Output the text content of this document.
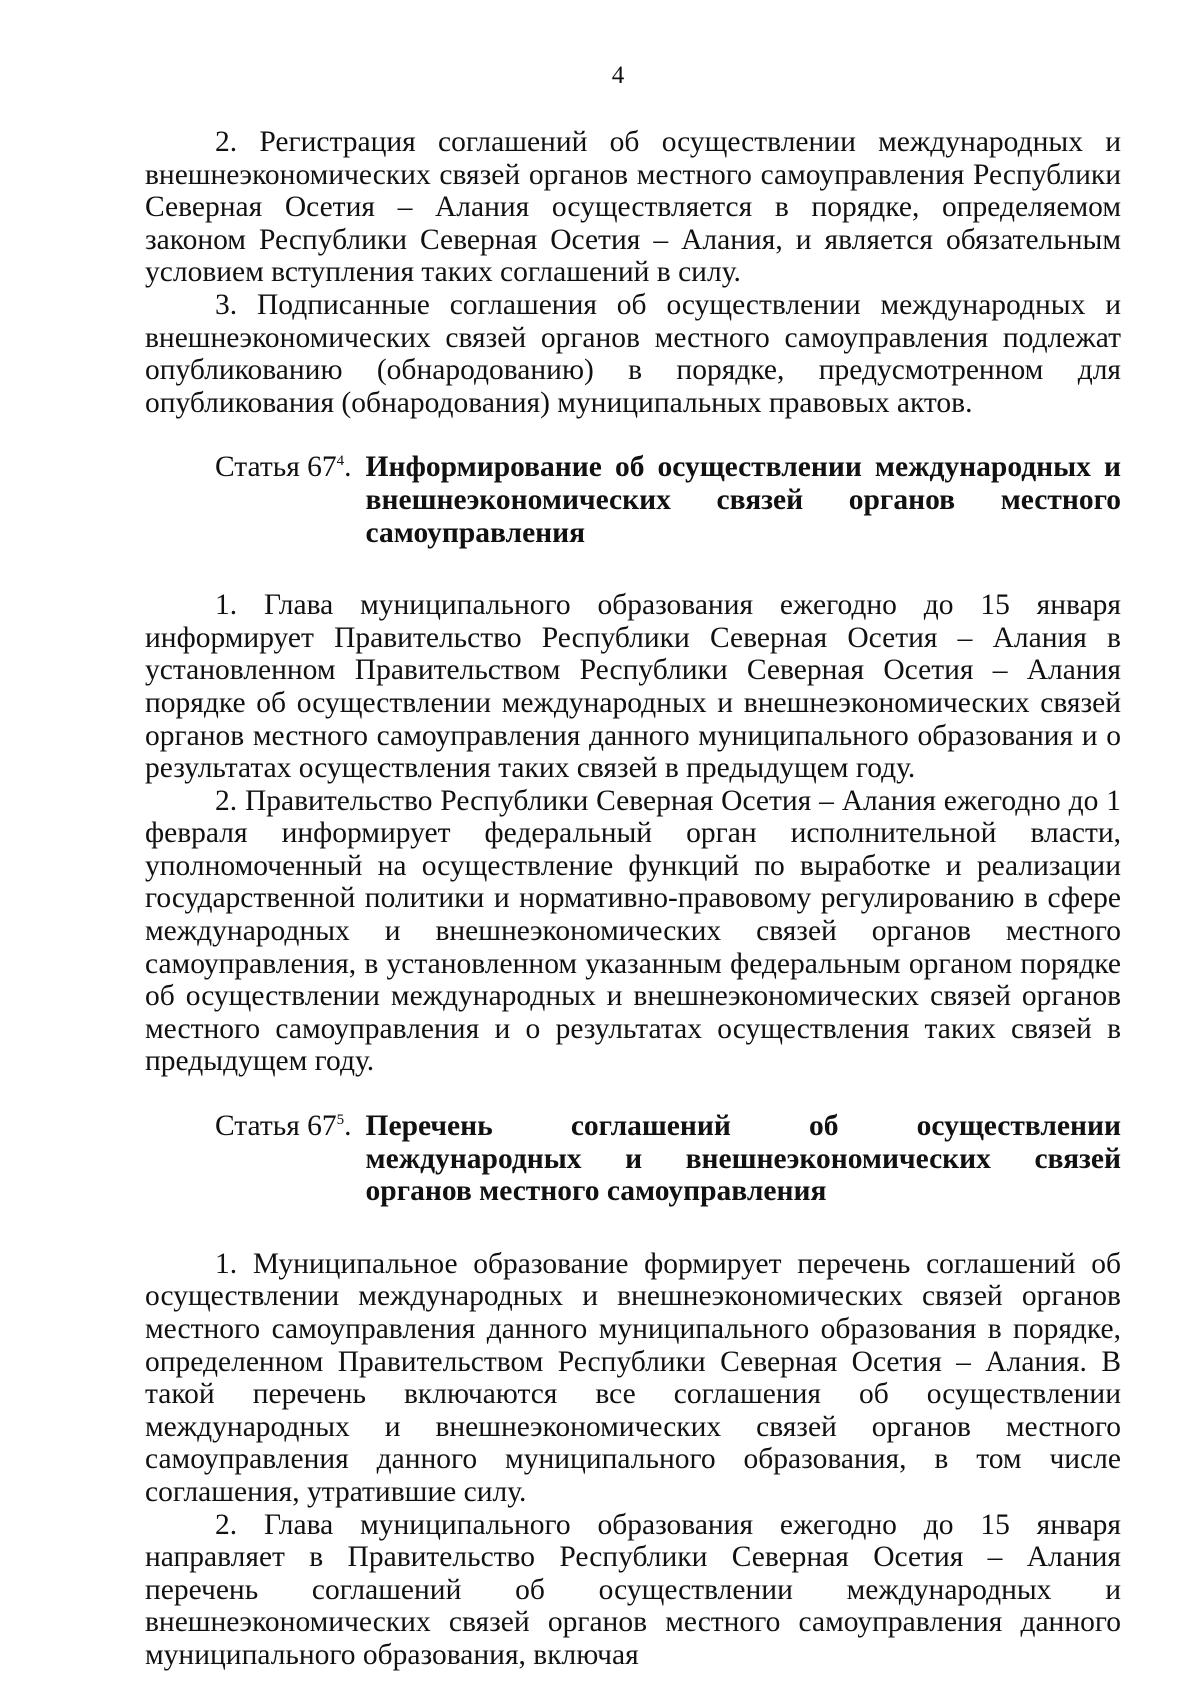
4

2. Регистрация соглашений об осуществлении международных и внешнеэкономических связей органов местного самоуправления Республики Северная Осетия – Алания осуществляется в порядке, определяемом законом Республики Северная Осетия – Алания, и является обязательным условием вступления таких соглашений в силу.

3. Подписанные соглашения об осуществлении международных и внешнеэкономических связей органов местного самоуправления подлежат опубликованию (обнародованию) в порядке, предусмотренном для опубликования (обнародования) муниципальных правовых актов.

Статья $67^4$. Информирование об осуществлении международных и внешнеэкономических связей органов местного самоуправления

1. Глава муниципального образования ежегодно до 15 января информирует Правительство Республики Северная Осетия – Алания в установленном Правительством Республики Северная Осетия – Алания порядке об осуществлении международных и внешнеэкономических связей органов местного самоуправления данного муниципального образования и о результатах осуществления таких связей в предыдущем году.

2. Правительство Республики Северная Осетия – Алания ежегодно до 1 февраля информирует федеральный орган исполнительной власти, уполномоченный на осуществление функций по выработке и реализации государственной политики и нормативно-правовому регулированию в сфере международных и внешнеэкономических связей органов местного самоуправления, в установленном указанным федеральным органом порядке об осуществлении международных и внешнеэкономических связей органов местного самоуправления и о результатах осуществления таких связей в предыдущем году.

Статья $67^5$. Перечень соглашений об осуществлении международных и внешнеэкономических связей органов местного самоуправления

1. Муниципальное образование формирует перечень соглашений об осуществлении международных и внешнеэкономических связей органов местного самоуправления данного муниципального образования в порядке, определенном Правительством Республики Северная Осетия – Алания. В такой перечень включаются все соглашения об осуществлении международных и внешнеэкономических связей органов местного самоуправления данного муниципального образования, в том числе соглашения, утратившие силу.

2. Глава муниципального образования ежегодно до 15 января направляет в Правительство Республики Северная Осетия – Алания перечень соглашений об осуществлении международных и внешнеэкономических связей органов местного самоуправления данного муниципального образования, включая
